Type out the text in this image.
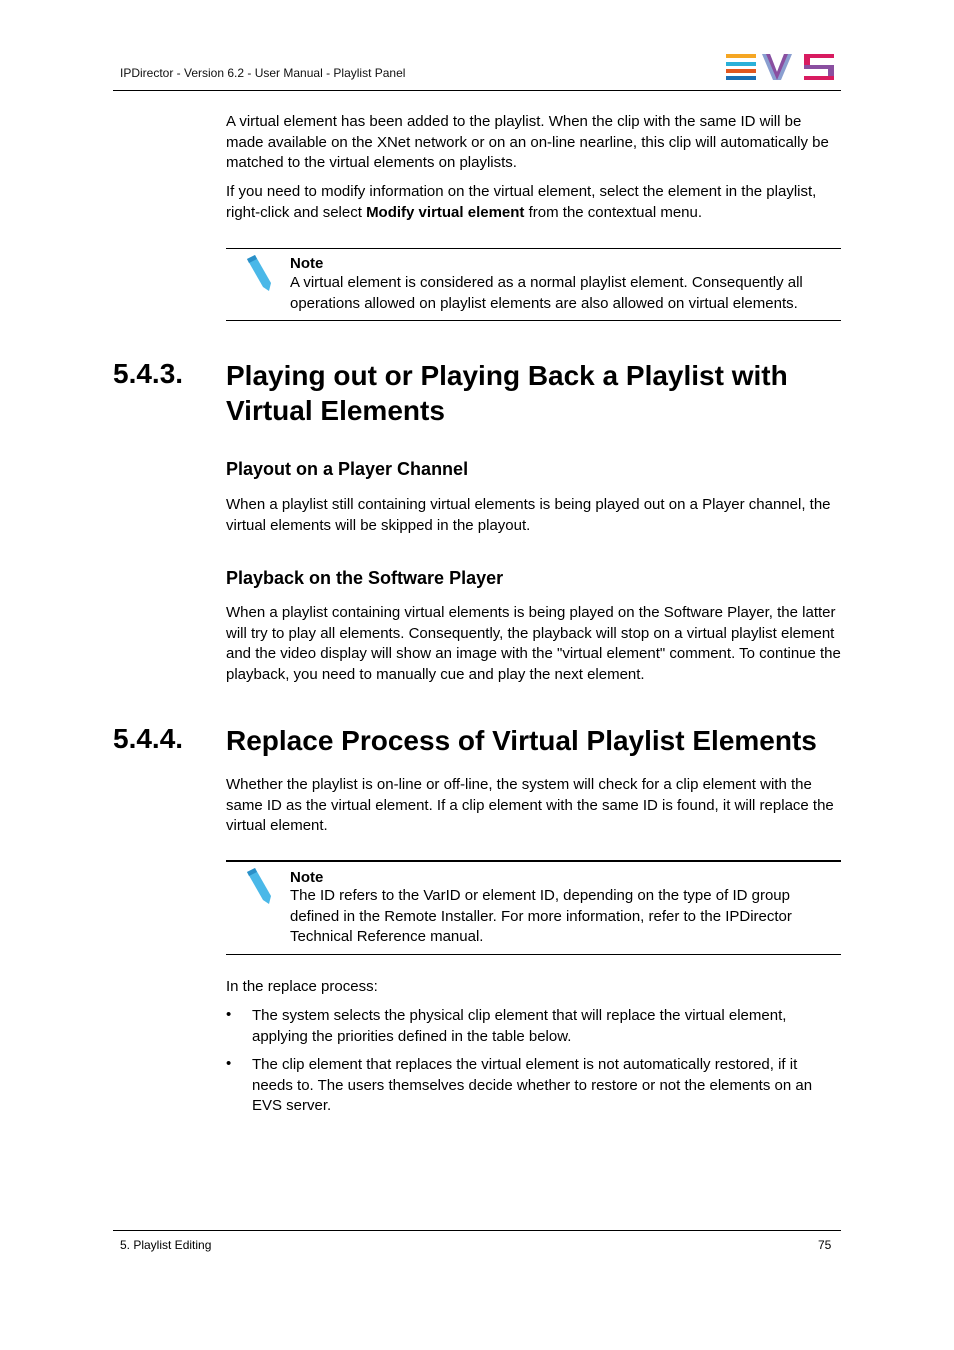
IPDirector - Version 6.2 - User Manual - Playlist Panel
A virtual element has been added to the playlist. When the clip with the same ID will be made available on the XNet network or on an on-line nearline, this clip will automatically be matched to the virtual elements on playlists.
If you need to modify information on the virtual element, select the element in the playlist, right-click and select Modify virtual element from the contextual menu.
Note
A virtual element is considered as a normal playlist element. Consequently all operations allowed on playlist elements are also allowed on virtual elements.
5.4.3. Playing out or Playing Back a Playlist with Virtual Elements
Playout on a Player Channel
When a playlist still containing virtual elements is being played out on a Player channel, the virtual elements will be skipped in the playout.
Playback on the Software Player
When a playlist containing virtual elements is being played on the Software Player, the latter will try to play all elements. Consequently, the playback will stop on a virtual playlist element and the video display will show an image with the "virtual element" comment. To continue the playback, you need to manually cue and play the next element.
5.4.4. Replace Process of Virtual Playlist Elements
Whether the playlist is on-line or off-line, the system will check for a clip element with the same ID as the virtual element. If a clip element with the same ID is found, it will replace the virtual element.
Note
The ID refers to the VarID or element ID, depending on the type of ID group defined in the Remote Installer. For more information, refer to the IPDirector Technical Reference manual.
In the replace process:
• The system selects the physical clip element that will replace the virtual element, applying the priorities defined in the table below.
• The clip element that replaces the virtual element is not automatically restored, if it needs to. The users themselves decide whether to restore or not the elements on an EVS server.
5. Playlist Editing	75
